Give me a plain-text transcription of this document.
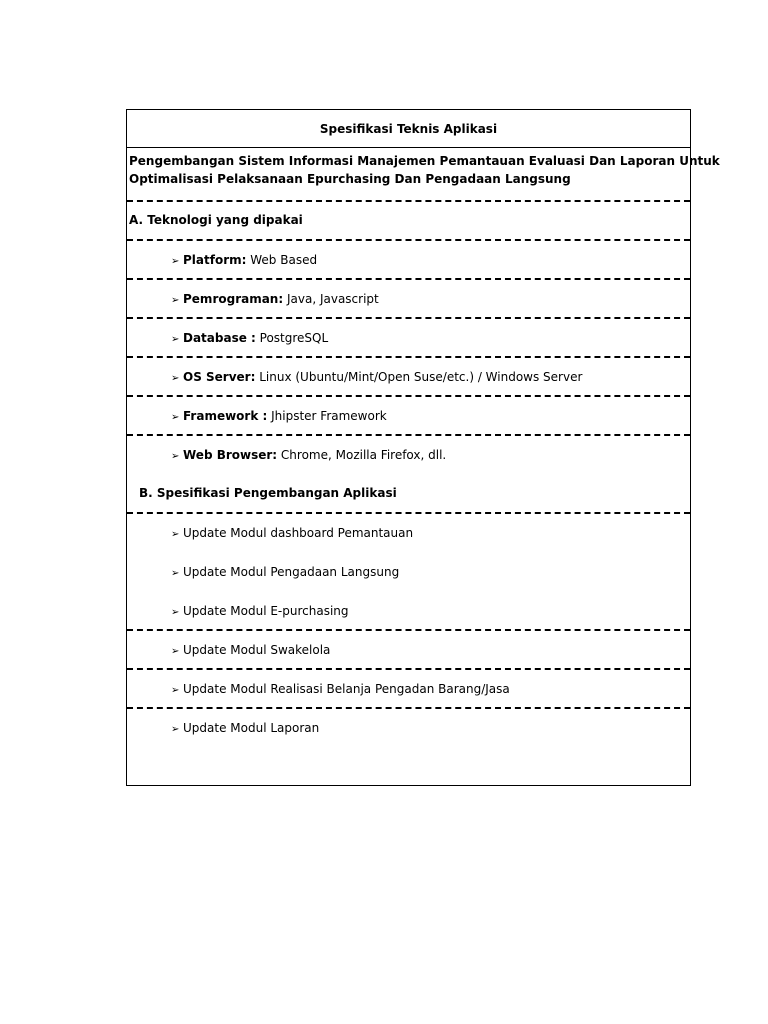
Spesifikasi Teknis Aplikasi
Pengembangan Sistem Informasi Manajemen Pemantauan Evaluasi Dan Laporan Untuk
Optimalisasi Pelaksanaan Epurchasing Dan Pengadaan Langsung
A. Teknologi yang dipakai
➢ Platform: Web Based
➢ Pemrograman: Java, Javascript
➢ Database : PostgreSQL
➢ OS Server: Linux (Ubuntu/Mint/Open Suse/etc.) / Windows Server
➢ Framework : Jhipster Framework
➢ Web Browser: Chrome, Mozilla Firefox, dll.
B. Spesifikasi Pengembangan Aplikasi
➢ Update Modul dashboard Pemantauan
➢ Update Modul Pengadaan Langsung
➢ Update Modul E-purchasing
➢ Update Modul Swakelola
➢ Update Modul Realisasi Belanja Pengadan Barang/Jasa
➢ Update Modul Laporan
